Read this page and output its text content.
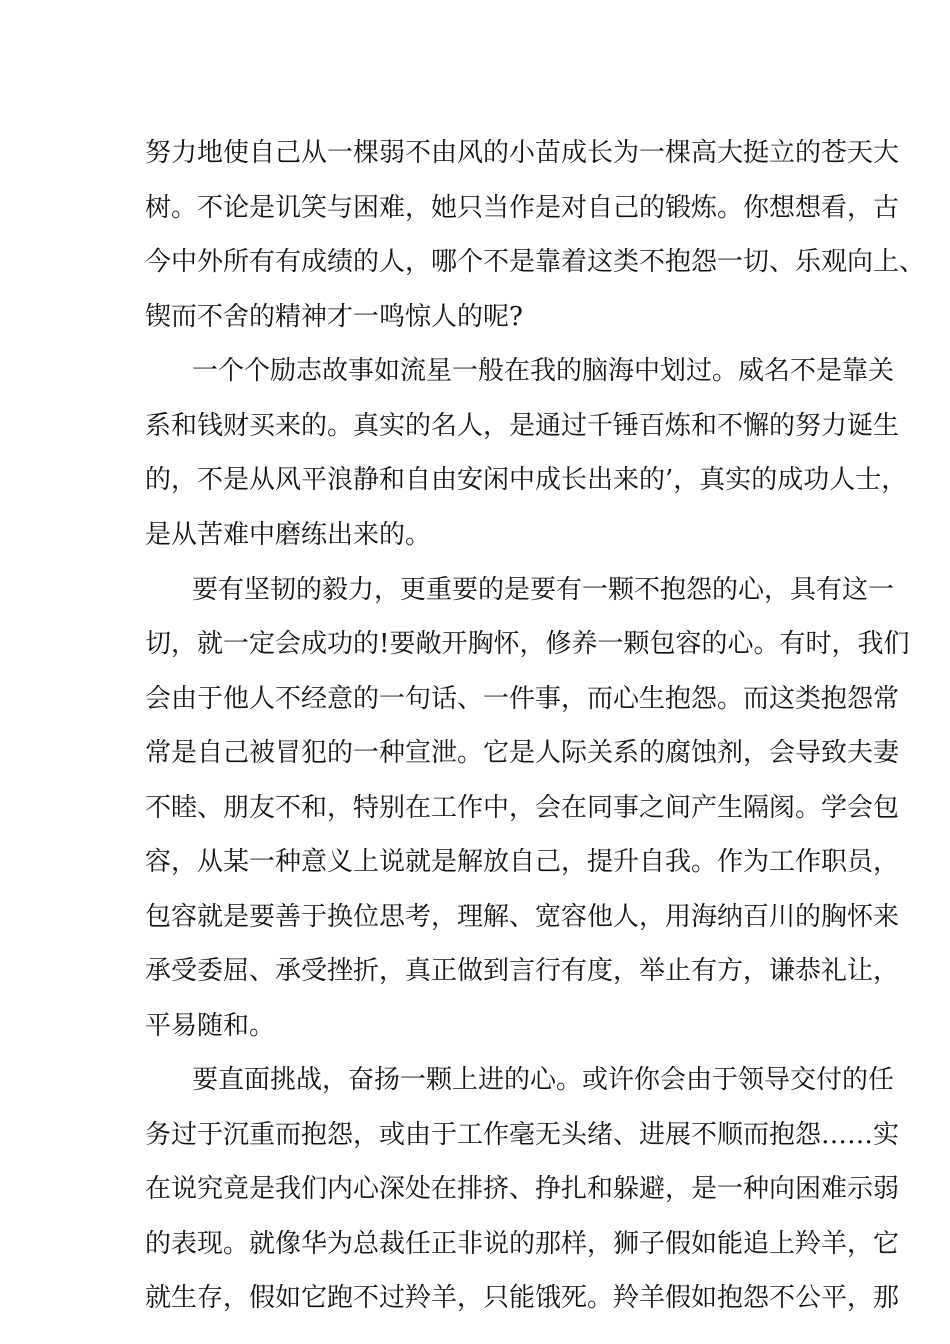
努力地使自己从一棵弱不由风的小苗成长为一棵高大挺立的苍天大
树。不论是讥笑与困难，她只当作是对自己的锻炼。你想想看，古
今中外所有有成绩的人，哪个不是靠着这类不抱怨一切、乐观向上、
锲而不舍的精神才一鸣惊人的呢?
一个个励志故事如流星一般在我的脑海中划过。威名不是靠关
系和钱财买来的。真实的名人，是通过千锤百炼和不懈的努力诞生
的，不是从风平浪静和自由安闲中成长出来的’，真实的成功人士，
是从苦难中磨练出来的。
要有坚韧的毅力，更重要的是要有一颗不抱怨的心，具有这一
切，就一定会成功的!要敞开胸怀，修养一颗包容的心。有时，我们
会由于他人不经意的一句话、一件事，而心生抱怨。而这类抱怨常
常是自己被冒犯的一种宣泄。它是人际关系的腐蚀剂，会导致夫妻
不睦、朋友不和，特别在工作中，会在同事之间产生隔阂。学会包
容，从某一种意义上说就是解放自己，提升自我。作为工作职员，
包容就是要善于换位思考，理解、宽容他人，用海纳百川的胸怀来
承受委屈、承受挫折，真正做到言行有度，举止有方，谦恭礼让，
平易随和。
要直面挑战，奋扬一颗上进的心。或许你会由于领导交付的任
务过于沉重而抱怨，或由于工作毫无头绪、进展不顺而抱怨……实
在说究竟是我们内心深处在排挤、挣扎和躲避，是一种向困难示弱
的表现。就像华为总裁任正非说的那样，狮子假如能追上羚羊，它
就生存，假如它跑不过羚羊，只能饿死。羚羊假如抱怨不公平，那
